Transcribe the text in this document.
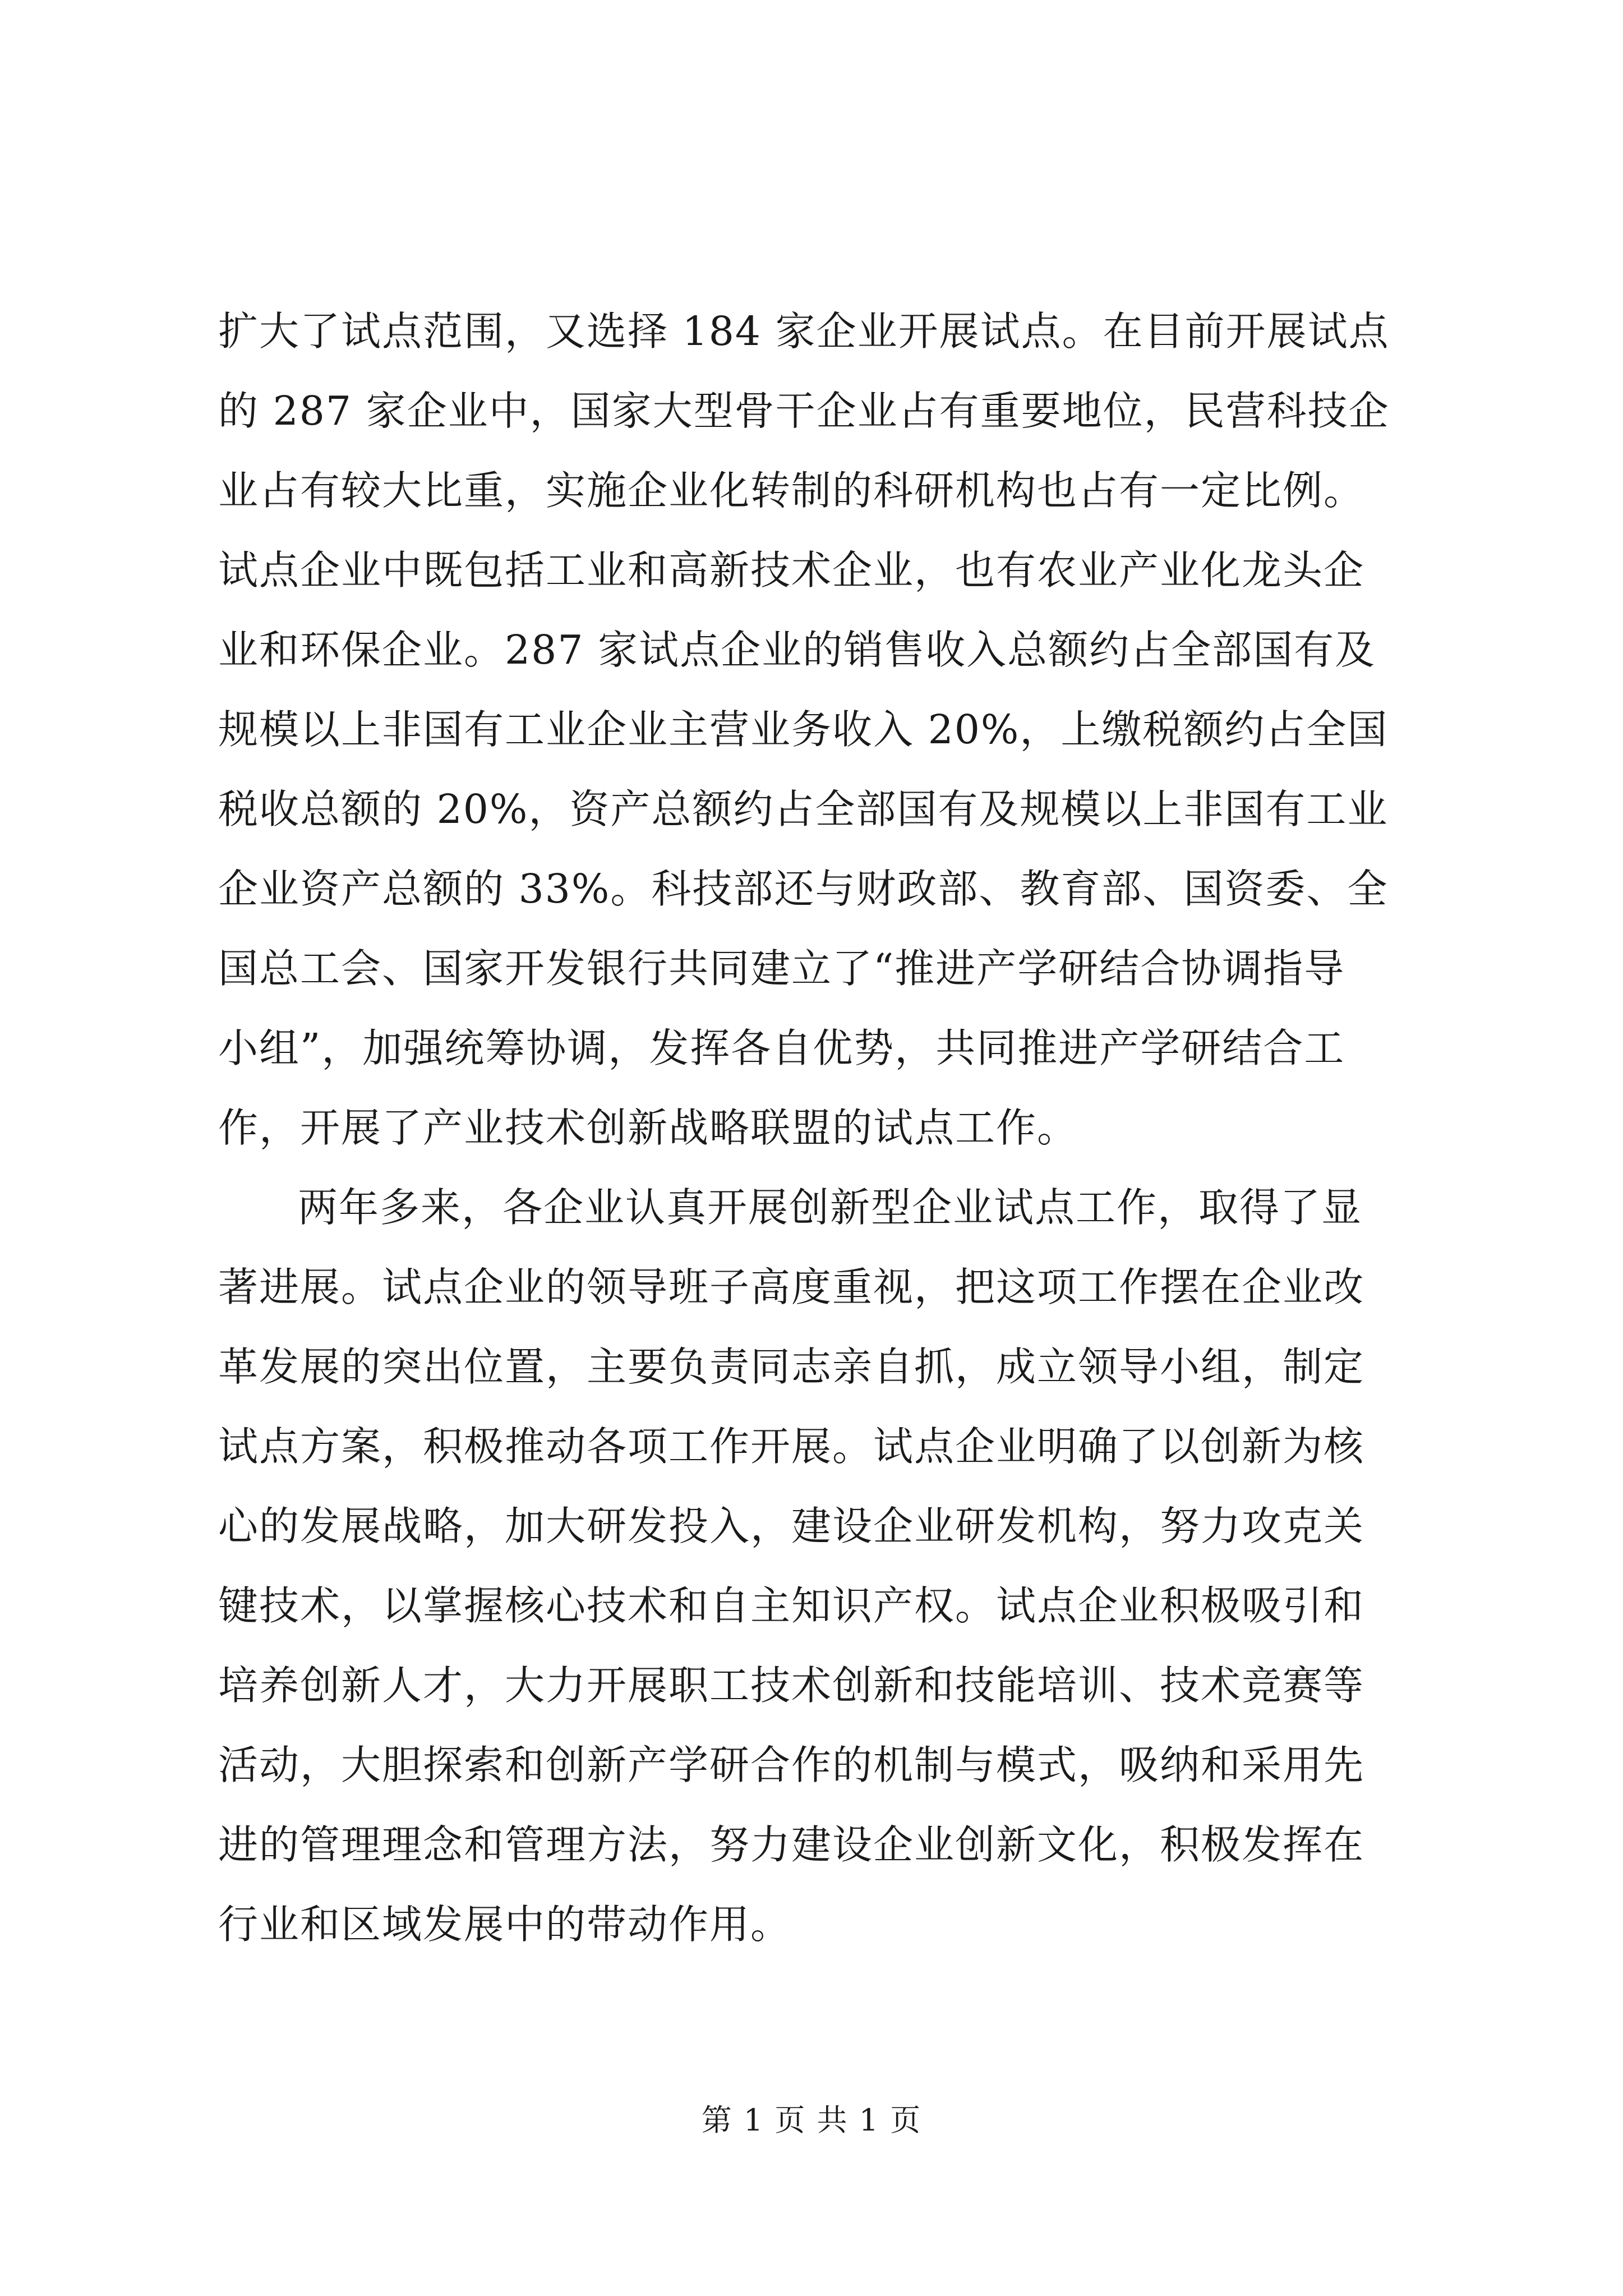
扩大了试点范围，又选择 184 家企业开展试点。在目前开展试点
的 287 家企业中，国家大型骨干企业占有重要地位，民营科技企
业占有较大比重，实施企业化转制的科研机构也占有一定比例。
试点企业中既包括工业和高新技术企业，也有农业产业化龙头企
业和环保企业。287 家试点企业的销售收入总额约占全部国有及
规模以上非国有工业企业主营业务收入 20%，上缴税额约占全国
税收总额的 20%，资产总额约占全部国有及规模以上非国有工业
企业资产总额的 33%。科技部还与财政部、教育部、国资委、全
国总工会、国家开发银行共同建立了“推进产学研结合协调指导
小组”，加强统筹协调，发挥各自优势，共同推进产学研结合工
作，开展了产业技术创新战略联盟的试点工作。

两年多来，各企业认真开展创新型企业试点工作，取得了显
著进展。试点企业的领导班子高度重视，把这项工作摆在企业改
革发展的突出位置，主要负责同志亲自抓，成立领导小组，制定
试点方案，积极推动各项工作开展。试点企业明确了以创新为核
心的发展战略，加大研发投入，建设企业研发机构，努力攻克关
键技术，以掌握核心技术和自主知识产权。试点企业积极吸引和
培养创新人才，大力开展职工技术创新和技能培训、技术竞赛等
活动，大胆探索和创新产学研合作的机制与模式，吸纳和采用先
进的管理理念和管理方法，努力建设企业创新文化，积极发挥在
行业和区域发展中的带动作用。

第 1 页 共 1 页
